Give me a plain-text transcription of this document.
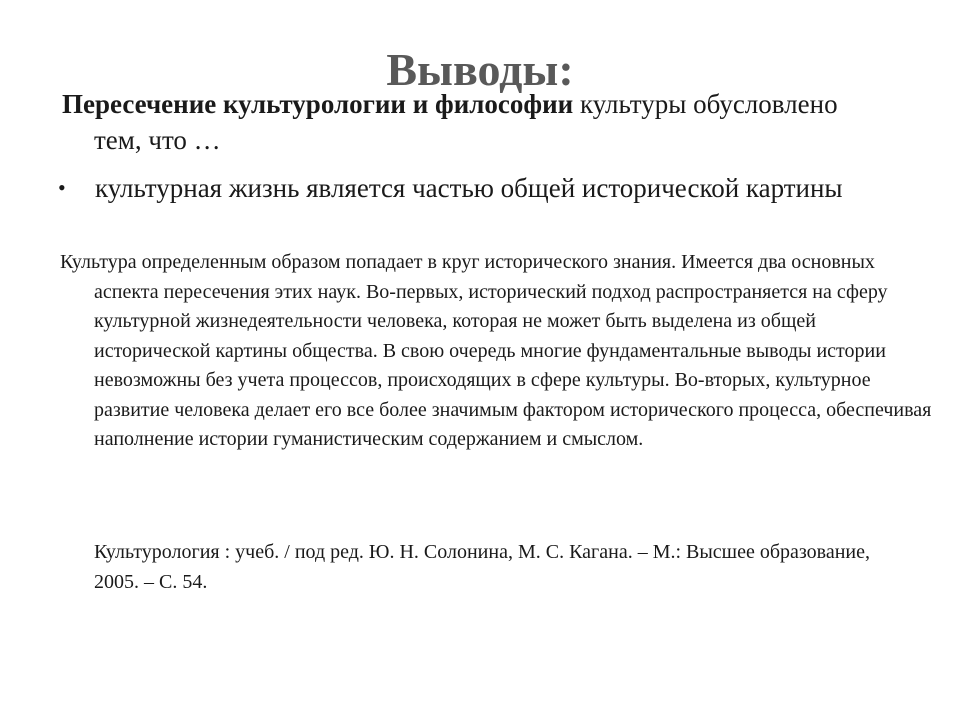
Выводы:
Пересечение культурологии и философии культуры обусловлено тем, что …
•	культурная жизнь является частью общей исторической картины
Культура определенным образом попадает в круг исторического знания. Имеется два основных аспекта пересечения этих наук. Во-первых, исторический подход распространяется на сферу культурной жизнедеятельности человека, которая не может быть выделена из общей исторической картины общества. В свою очередь многие фундаментальные выводы истории невозможны без учета процессов, происходящих в сфере культуры. Во-вторых, культурное развитие человека делает его все более значимым фактором исторического процесса, обеспечивая наполнение истории гуманистическим содержанием и смыслом.
Культурология : учеб. / под ред. Ю. Н. Солонина, М. С. Кагана. – М.: Высшее образование, 2005. – С. 54.
